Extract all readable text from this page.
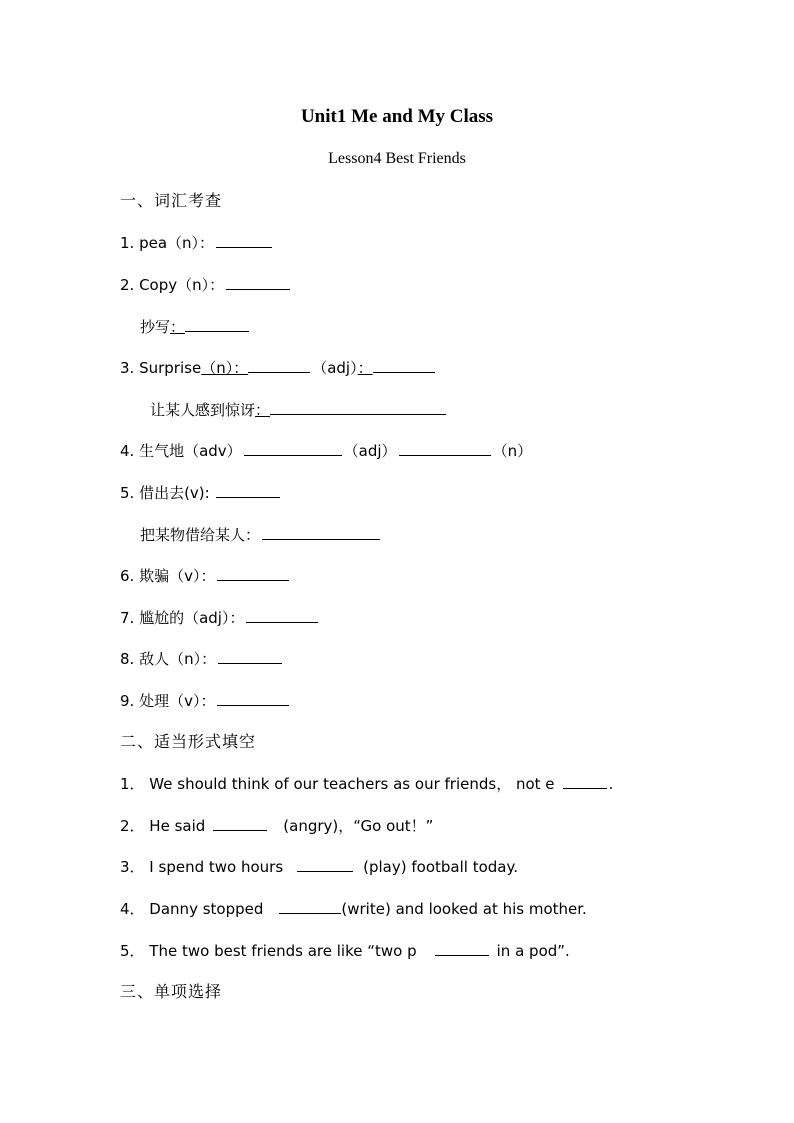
Unit1 Me and My Class
Lesson4 Best Friends
一、词汇考查
1. pea（n）：
2. Copy（n）：
抄写：
3. Surprise（n）：	（adj）：
让某人感到惊讶：
4. 生气地（adv）	（adj）	（n）
5. 借出去(v):
把某物借给某人：
6. 欺骗（v）：
7. 尴尬的（adj）：
8. 敌人（n）：
9. 处理（v）：
二、适当形式填空
1． We should think of our teachers as our friends， not e	.
2． He said	(angry)，“Go out！”
3． I spend two hours	(play) football today.
4． Danny stopped	(write) and looked at his mother.
5． The two best friends are like “two p	in a pod”.
三、单项选择
